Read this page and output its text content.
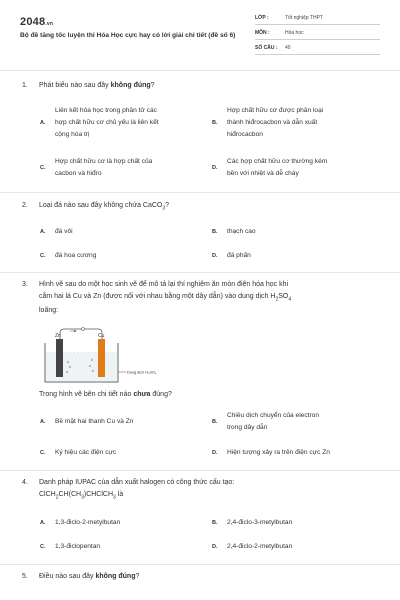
2048.vn
Bộ đề tăng tốc luyện thi Hóa Học cực hay có lời giải chi tiết (đề số 6)
LỚP :	Tốt nghiệp THPT
MÔN :	Hóa học
SỐ CÂU : 40
1. Phát biểu nào sau đây không đúng?
A.
Liên kết hóa học trong phân tử các
hợp chất hữu cơ chủ yếu là liên kết
cộng hóa trị
B.
Hợp chất hữu cơ được phân loại
thành hiđrocacbon và dẫn xuất
hiđrocacbon
C.
Hợp chất hữu cơ là hợp chất của
cacbon và hiđro
D.
Các hợp chất hữu cơ thường kém
bền với nhiệt và dễ cháy
2. Loại đá nào sau đây không chứa CaCO$_3$?
A. đá vôi	B. thạch cao
C. đá hoa cương	D. đá phấn
3. Hình vẽ sau do một học sinh vẽ để mô tả lại thí nghiệm ăn mòn điện hóa học khi
cắm hai lá Cu và Zn (được nối với nhau bằng một dây dẫn) vào dung dịch $H_2SO_4$
loãng:
Zn	Cu
Dung dịch H₂SO₄
Trong hình vẽ bên chi tiết nào chưa đúng?
A. Bề mặt hai thanh Cu và Zn	B.
Chiều dịch chuyển của electron
trong dây dẫn
C. Ký hiệu các điện cực	D. Hiện tượng xảy ra trên điện cực Zn
4. Danh pháp IUPAC của dẫn xuất halogen có công thức cấu tạo:
$ClCH_2CH(CH_3)CHClCH_3$ là
A. 1,3-điclo-2-metylbutan	B. 2,4-điclo-3-metylbutan
C. 1,3-điclopentan	D. 2,4-điclo-2-metylbutan
5. Điều nào sau đây không đúng?
